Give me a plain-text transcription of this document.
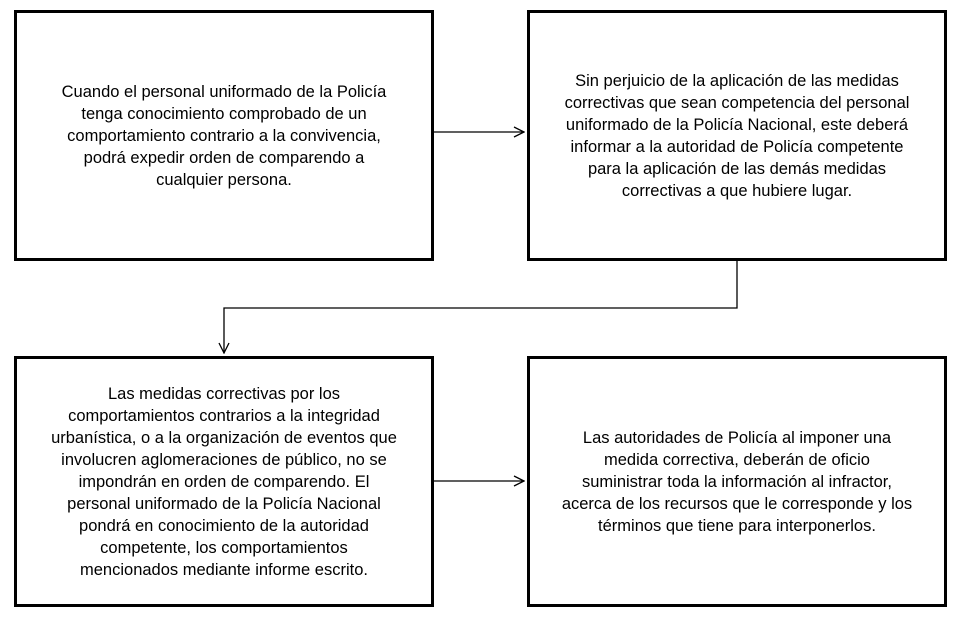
Cuando el personal uniformado de la Policía
tenga conocimiento comprobado de un
comportamiento contrario a la convivencia,
podrá expedir orden de comparendo a
cualquier persona.

Sin perjuicio de la aplicación de las medidas
correctivas que sean competencia del personal
uniformado de la Policía Nacional, este deberá
informar a la autoridad de Policía competente
para la aplicación de las demás medidas
correctivas a que hubiere lugar.

Las medidas correctivas por los
comportamientos contrarios a la integridad
urbanística, o a la organización de eventos que
involucren aglomeraciones de público, no se
impondrán en orden de comparendo. El
personal uniformado de la Policía Nacional
pondrá en conocimiento de la autoridad
competente, los comportamientos
mencionados mediante informe escrito.

Las autoridades de Policía al imponer una
medida correctiva, deberán de oficio
suministrar toda la información al infractor,
acerca de los recursos que le corresponde y los
términos que tiene para interponerlos.
